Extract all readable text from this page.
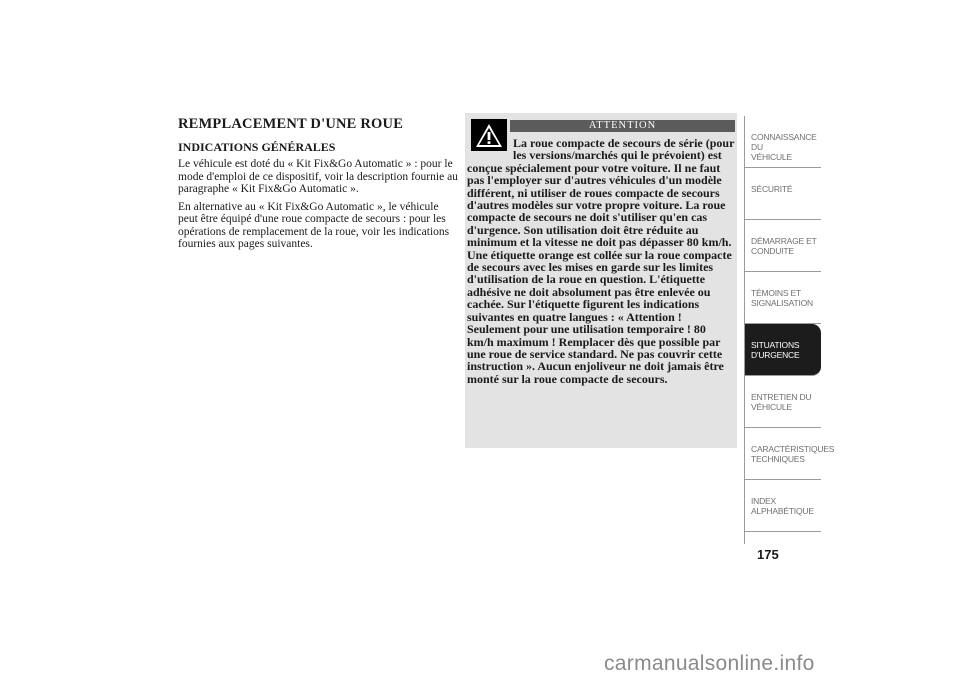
REMPLACEMENT D'UNE ROUE
INDICATIONS GÉNÉRALES

Le véhicule est doté du « Kit Fix&Go Automatic » : pour le mode d'emploi de ce dispositif, voir la description fournie au paragraphe « Kit Fix&Go Automatic ».

En alternative au « Kit Fix&Go Automatic », le véhicule peut être équipé d'une roue compacte de secours : pour les opérations de remplacement de la roue, voir les indications fournies aux pages suivantes.

ATTENTION

La roue compacte de secours de série (pour les versions/marchés qui le prévoient) est conçue spécialement pour votre voiture. Il ne faut pas l'employer sur d'autres véhicules d'un modèle différent, ni utiliser de roues compacte de secours d'autres modèles sur votre propre voiture. La roue compacte de secours ne doit s'utiliser qu'en cas d'urgence. Son utilisation doit être réduite au minimum et la vitesse ne doit pas dépasser 80 km/h. Une étiquette orange est collée sur la roue compacte de secours avec les mises en garde sur les limites d'utilisation de la roue en question. L'étiquette adhésive ne doit absolument pas être enlevée ou cachée. Sur l'étiquette figurent les indications suivantes en quatre langues : « Attention ! Seulement pour une utilisation temporaire ! 80 km/h maximum ! Remplacer dès que possible par une roue de service standard. Ne pas couvrir cette instruction ». Aucun enjoliveur ne doit jamais être monté sur la roue compacte de secours.

CONNAISSANCE DU
VÉHICULE
SÉCURITÉ
DÉMARRAGE ET
CONDUITE
TÉMOINS ET
SIGNALISATION
SITUATIONS
D'URGENCE
ENTRETIEN DU
VÉHICULE
CARACTÉRISTIQUES
TECHNIQUES
INDEX
ALPHABÉTIQUE
175
carmanualsonline.info
